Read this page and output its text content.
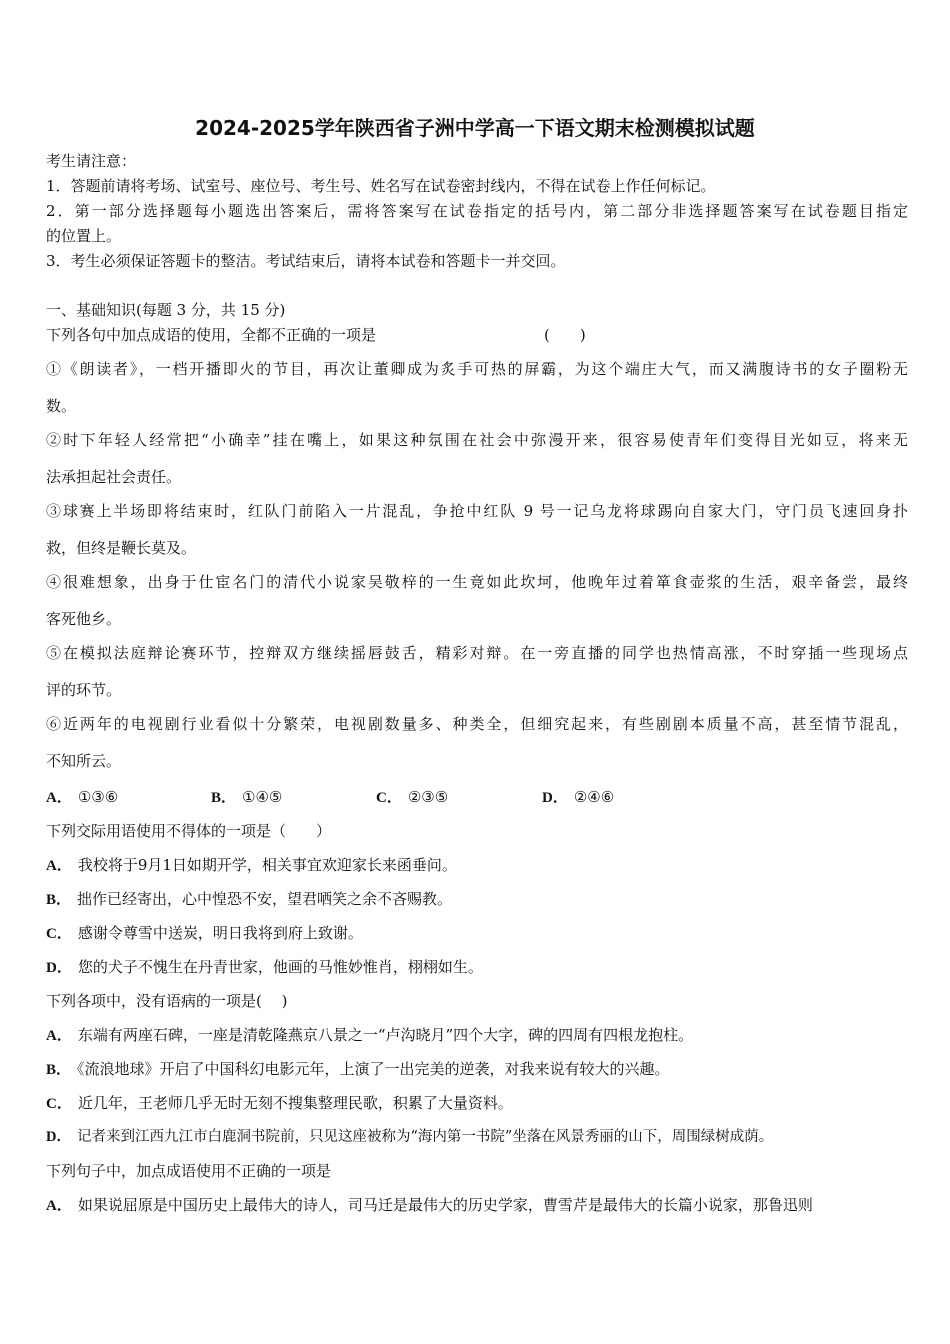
2024-2025学年陕西省子洲中学高一下语文期末检测模拟试题
考生请注意：
1．答题前请将考场、试室号、座位号、考生号、姓名写在试卷密封线内，不得在试卷上作任何标记。
2．第一部分选择题每小题选出答案后，需将答案写在试卷指定的括号内，第二部分非选择题答案写在试卷题目指定
的位置上。
3．考生必须保证答题卡的整洁。考试结束后，请将本试卷和答题卡一并交回。
一、基础知识(每题 3 分，共 15 分)
下列各句中加点成语的使用，全都不正确的一项是	(　　)
①《朗读者》，一档开播即火的节目，再次让董卿成为炙手可热的屏霸，为这个端庄大气，而又满腹诗书的女子圈粉无
数。
②时下年轻人经常把“小确幸”挂在嘴上，如果这种氛围在社会中弥漫开来，很容易使青年们变得目光如豆，将来无
法承担起社会责任。
③球赛上半场即将结束时，红队门前陷入一片混乱，争抢中红队 9 号一记乌龙将球踢向自家大门，守门员飞速回身扑
救，但终是鞭长莫及。
④很难想象，出身于仕宦名门的清代小说家吴敬梓的一生竟如此坎坷，他晚年过着箪食壶浆的生活，艰辛备尝，最终
客死他乡。
⑤在模拟法庭辩论赛环节，控辩双方继续摇唇鼓舌，精彩对辩。在一旁直播的同学也热情高涨，不时穿插一些现场点
评的环节。
⑥近两年的电视剧行业看似十分繁荣，电视剧数量多、种类全，但细究起来，有些剧剧本质量不高，甚至情节混乱，
不知所云。
A． ①③⑥	B． ①④⑤	C． ②③⑤	D． ②④⑥
下列交际用语使用不得体的一项是（　　）
A． 我校将于9月1日如期开学，相关事宜欢迎家长来函垂问。
B． 拙作已经寄出，心中惶恐不安，望君哂笑之余不吝赐教。
C． 感谢令尊雪中送炭，明日我将到府上致谢。
D． 您的犬子不愧生在丹青世家，他画的马惟妙惟肖，栩栩如生。
下列各项中，没有语病的一项是(　 )
A． 东端有两座石碑，一座是清乾隆燕京八景之一“卢沟晓月”四个大字，碑的四周有四根龙抱柱。
B． 《流浪地球》开启了中国科幻电影元年，上演了一出完美的逆袭，对我来说有较大的兴趣。
C． 近几年，王老师几乎无时无刻不搜集整理民歌，积累了大量资料。
D． 记者来到江西九江市白鹿洞书院前，只见这座被称为“海内第一书院”坐落在风景秀丽的山下，周围绿树成荫。
下列句子中，加点成语使用不正确的一项是
A． 如果说屈原是中国历史上最伟大的诗人，司马迁是最伟大的历史学家，曹雪芹是最伟大的长篇小说家，那鲁迅则
